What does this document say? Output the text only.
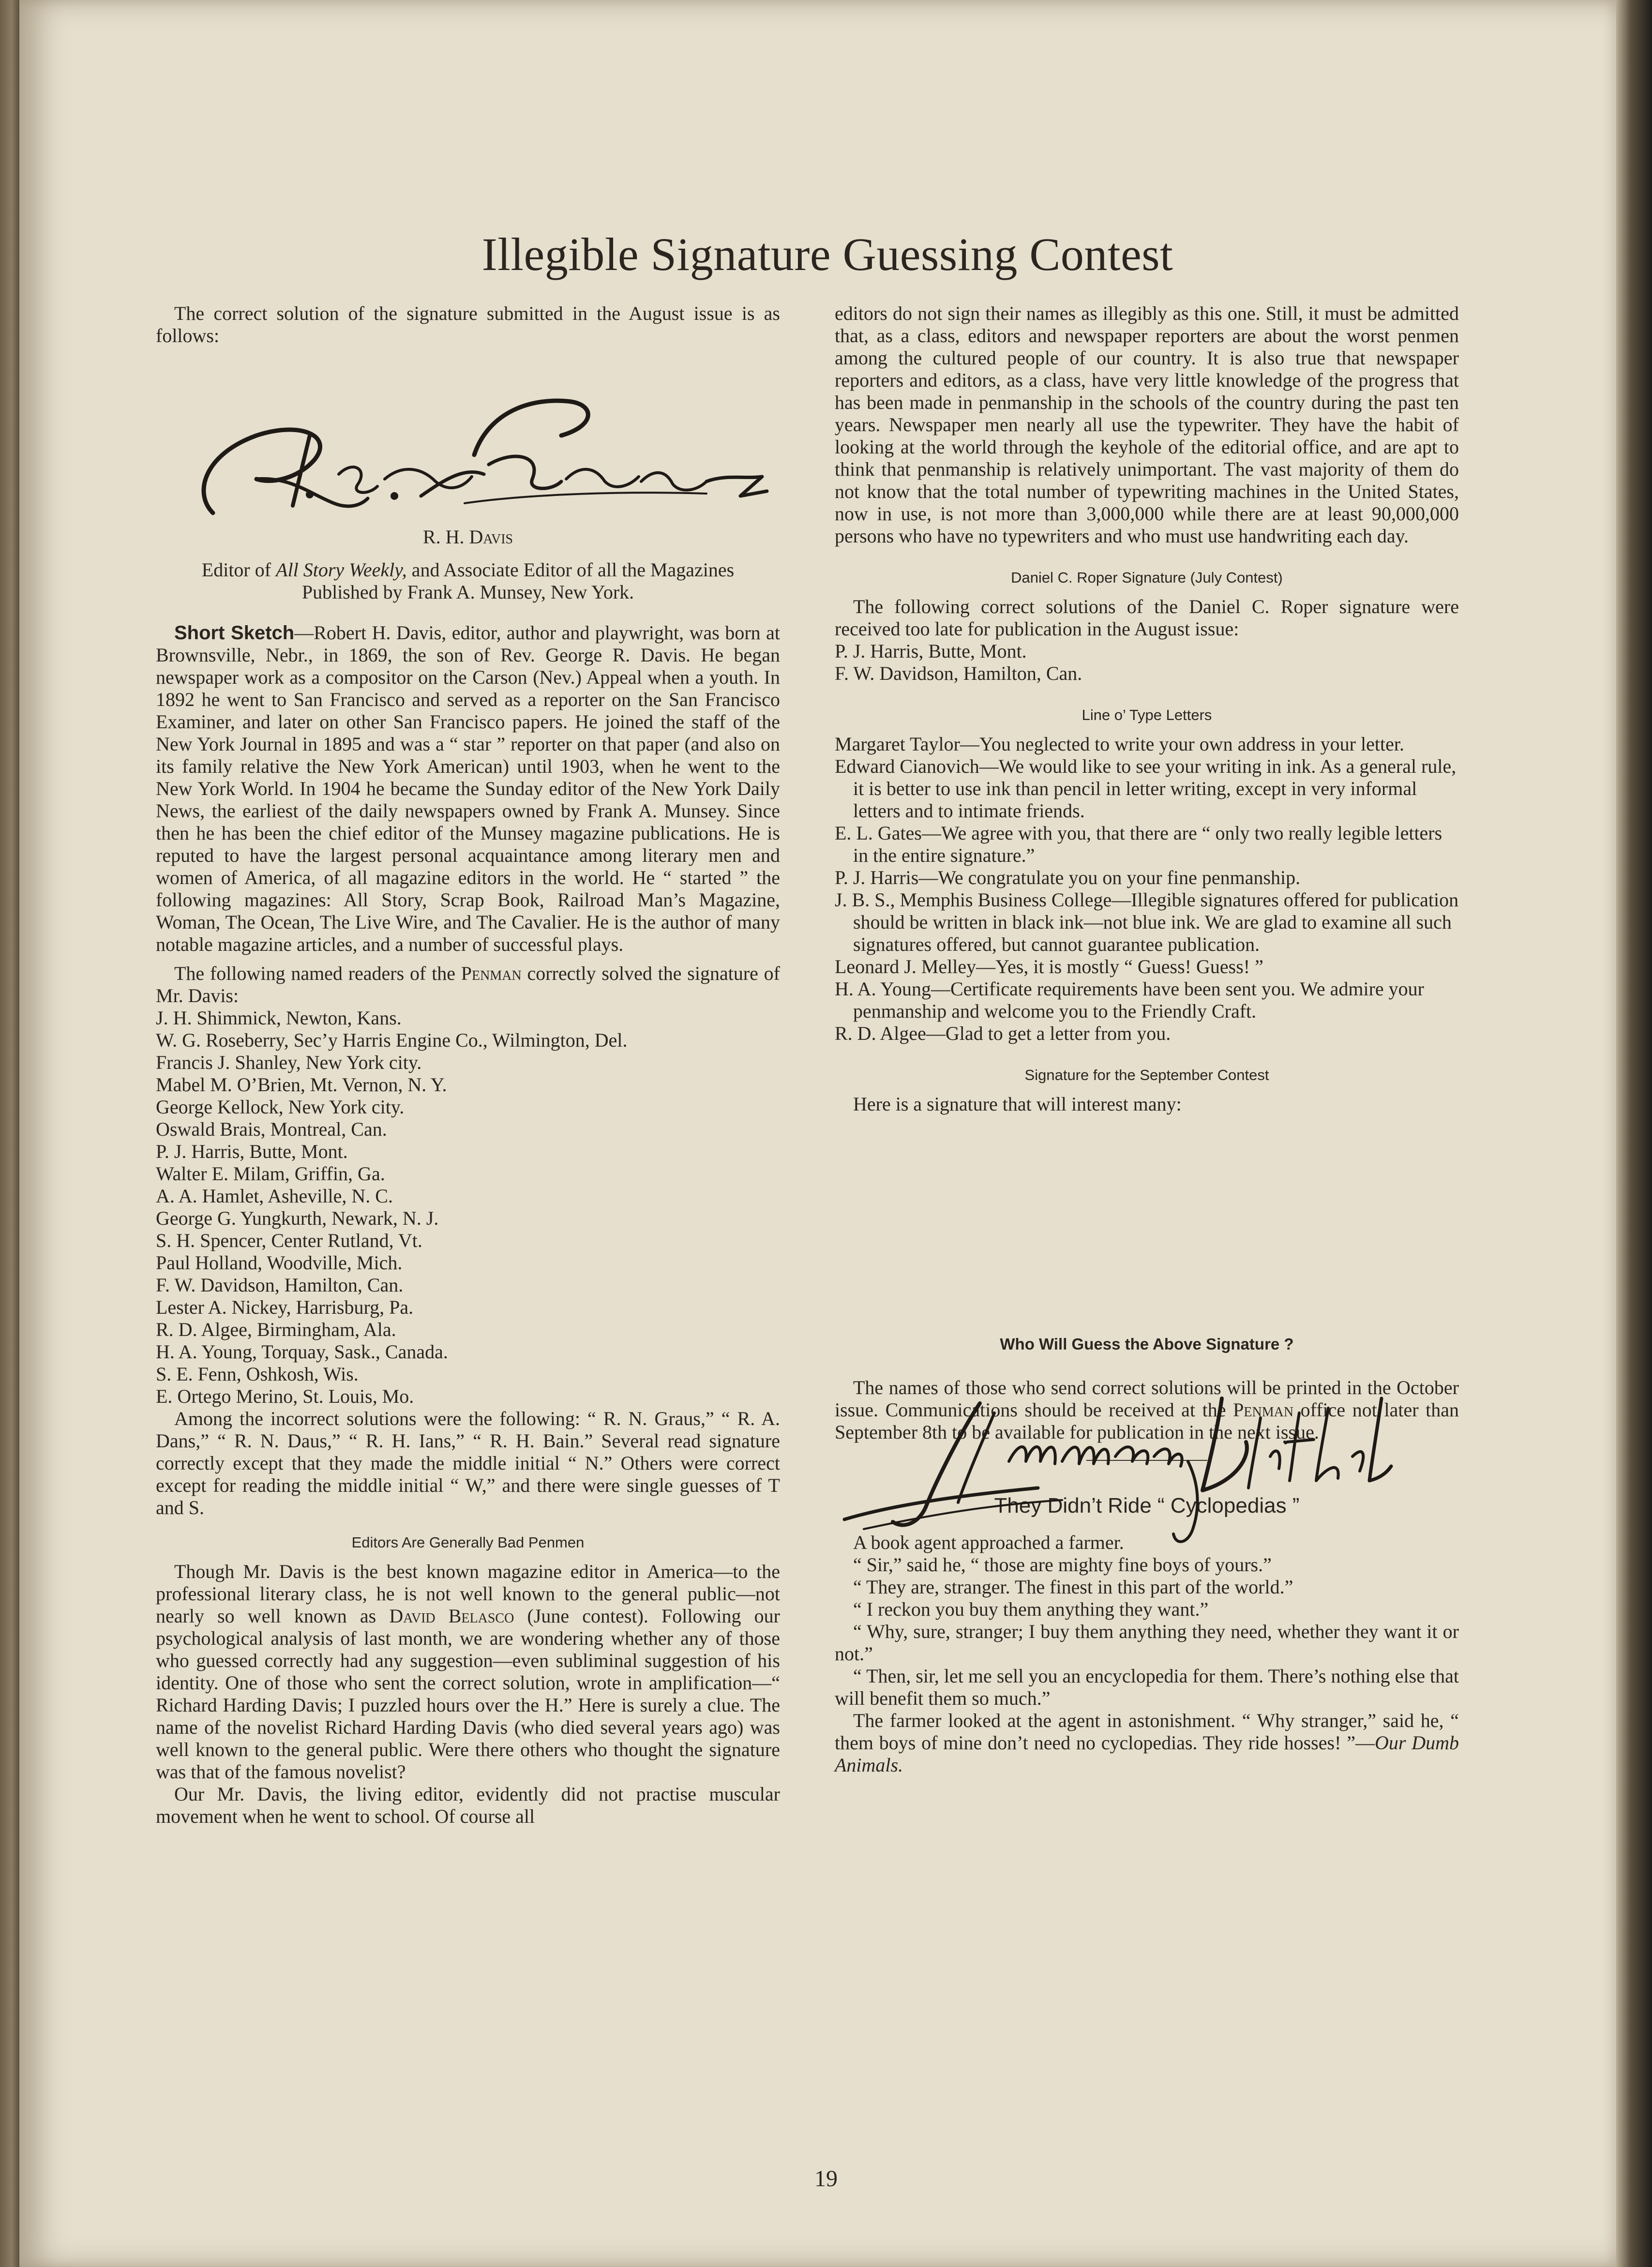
Illegible Signature Guessing Contest

The correct solution of the signature submitted in the August issue is as follows:

R. H. Davis

Editor of All Story Weekly, and Associate Editor of all the Magazines Published by Frank A. Munsey, New York.

Short Sketch—Robert H. Davis, editor, author and playwright, was born at Brownsville, Nebr., in 1869, the son of Rev. George R. Davis. He began newspaper work as a compositor on the Carson (Nev.) Appeal when a youth. In 1892 he went to San Francisco and served as a reporter on the San Francisco Examiner, and later on other San Francisco papers. He joined the staff of the New York Journal in 1895 and was a “ star ” reporter on that paper (and also on its family relative the New York American) until 1903, when he went to the New York World. In 1904 he became the Sunday editor of the New York Daily News, the earliest of the daily newspapers owned by Frank A. Munsey. Since then he has been the chief editor of the Munsey magazine publications. He is reputed to have the largest personal acquaintance among literary men and women of America, of all magazine editors in the world. He “ started ” the following magazines: All Story, Scrap Book, Railroad Man’s Magazine, Woman, The Ocean, The Live Wire, and The Cavalier. He is the author of many notable magazine articles, and a number of successful plays.

The following named readers of the Penman correctly solved the signature of Mr. Davis:

J. H. Shimmick, Newton, Kans.

W. G. Roseberry, Sec’y Harris Engine Co., Wilmington, Del.

Francis J. Shanley, New York city.

Mabel M. O’Brien, Mt. Vernon, N. Y.

George Kellock, New York city.

Oswald Brais, Montreal, Can.

P. J. Harris, Butte, Mont.

Walter E. Milam, Griffin, Ga.

A. A. Hamlet, Asheville, N. C.

George G. Yungkurth, Newark, N. J.

S. H. Spencer, Center Rutland, Vt.

Paul Holland, Woodville, Mich.

F. W. Davidson, Hamilton, Can.

Lester A. Nickey, Harrisburg, Pa.

R. D. Algee, Birmingham, Ala.

H. A. Young, Torquay, Sask., Canada.

S. E. Fenn, Oshkosh, Wis.

E. Ortego Merino, St. Louis, Mo.

Among the incorrect solutions were the following: “ R. N. Graus,” “ R. A. Dans,” “ R. N. Daus,” “ R. H. Ians,” “ R. H. Bain.” Several read signature correctly except that they made the middle initial “ N.” Others were correct except for reading the middle initial “ W,” and there were single guesses of T and S.

Editors Are Generally Bad Penmen

Though Mr. Davis is the best known magazine editor in America—to the professional literary class, he is not well known to the general public—not nearly so well known as David Belasco (June contest). Following our psychological analysis of last month, we are wondering whether any of those who guessed correctly had any suggestion—even subliminal suggestion of his identity. One of those who sent the correct solution, wrote in amplification—“ Richard Harding Davis; I puzzled hours over the H.” Here is surely a clue. The name of the novelist Richard Harding Davis (who died several years ago) was well known to the general public. Were there others who thought the signature was that of the famous novelist?

Our Mr. Davis, the living editor, evidently did not practise muscular movement when he went to school. Of course all

editors do not sign their names as illegibly as this one. Still, it must be admitted that, as a class, editors and newspaper reporters are about the worst penmen among the cultured people of our country. It is also true that newspaper reporters and editors, as a class, have very little knowledge of the progress that has been made in penmanship in the schools of the country during the past ten years. Newspaper men nearly all use the typewriter. They have the habit of looking at the world through the keyhole of the editorial office, and are apt to think that penmanship is relatively unimportant. The vast majority of them do not know that the total number of typewriting machines in the United States, now in use, is not more than 3,000,000 while there are at least 90,000,000 persons who have no typewriters and who must use handwriting each day.

Daniel C. Roper Signature (July Contest)

The following correct solutions of the Daniel C. Roper signature were received too late for publication in the August issue:

P. J. Harris, Butte, Mont.

F. W. Davidson, Hamilton, Can.

Line o’ Type Letters

Margaret Taylor—You neglected to write your own address in your letter.

Edward Cianovich—We would like to see your writing in ink. As a general rule, it is better to use ink than pencil in letter writing, except in very informal letters and to intimate friends.

E. L. Gates—We agree with you, that there are “ only two really legible letters in the entire signature.”

P. J. Harris—We congratulate you on your fine penmanship.

J. B. S., Memphis Business College—Illegible signatures offered for publication should be written in black ink—not blue ink. We are glad to examine all such signatures offered, but cannot guarantee publication.

Leonard J. Melley—Yes, it is mostly “ Guess! Guess! ”

H. A. Young—Certificate requirements have been sent you. We admire your penmanship and welcome you to the Friendly Craft.

R. D. Algee—Glad to get a letter from you.

Signature for the September Contest

Here is a signature that will interest many:

Who Will Guess the Above Signature ?

The names of those who send correct solutions will be printed in the October issue. Communications should be received at the Penman office not later than September 8th to be available for publication in the next issue.

They Didn’t Ride “ Cyclopedias ”

A book agent approached a farmer.

“ Sir,” said he, “ those are mighty fine boys of yours.”

“ They are, stranger. The finest in this part of the world.”

“ I reckon you buy them anything they want.”

“ Why, sure, stranger; I buy them anything they need, whether they want it or not.”

“ Then, sir, let me sell you an encyclopedia for them. There’s nothing else that will benefit them so much.”

The farmer looked at the agent in astonishment. “ Why stranger,” said he, “ them boys of mine don’t need no cyclopedias. They ride hosses! ”—Our Dumb Animals.

19
